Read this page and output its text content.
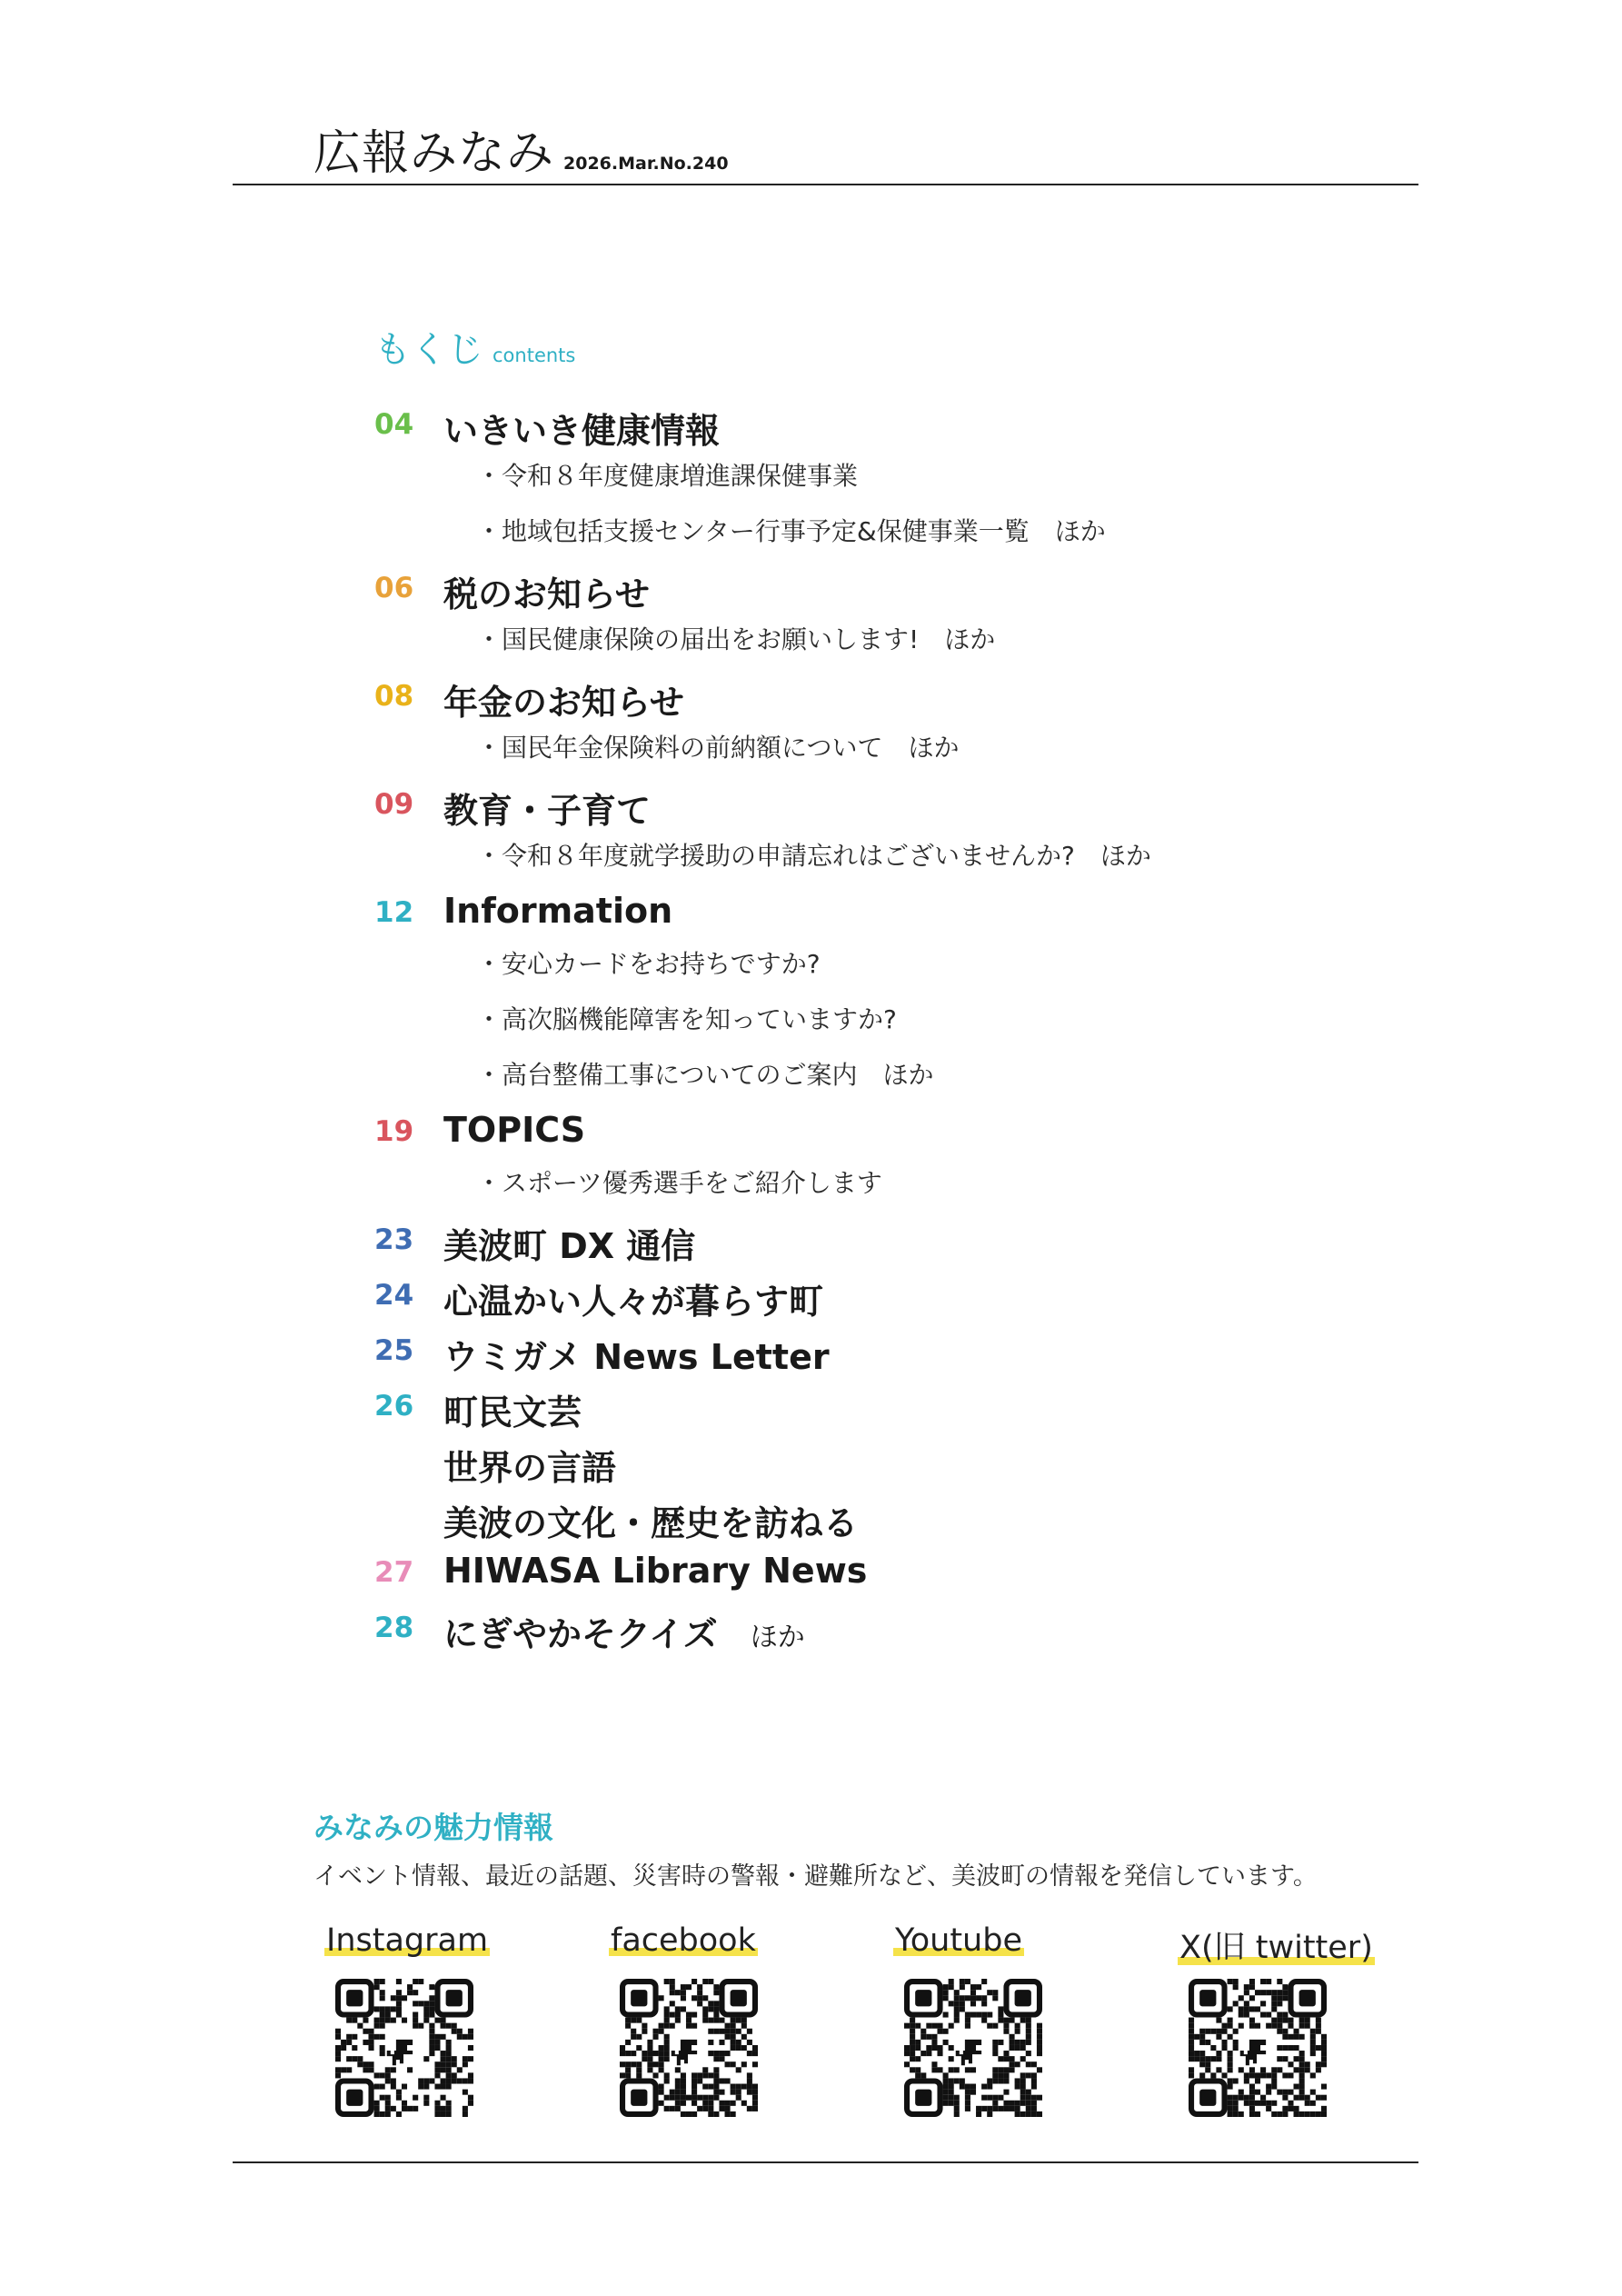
広報みなみ 2026.Mar.No.240
もくじ contents
04 いきいき健康情報
・令和８年度健康増進課保健事業
・地域包括支援センター行事予定&保健事業一覧　ほか
06 税のお知らせ
・国民健康保険の届出をお願いします!　ほか
08 年金のお知らせ
・国民年金保険料の前納額について　ほか
09 教育・子育て
・令和８年度就学援助の申請忘れはございませんか?　ほか
12 Information
・安心カードをお持ちですか?
・高次脳機能障害を知っていますか?
・高台整備工事についてのご案内　ほか
19 TOPICS
・スポーツ優秀選手をご紹介します
23 美波町 DX 通信
24 心温かい人々が暮らす町
25 ウミガメ News Letter
26 町民文芸
世界の言語
美波の文化・歴史を訪ねる
27 HIWASA Library News
28 にぎやかそクイズ ほか
みなみの魅力情報
イベント情報、最近の話題、災害時の警報・避難所など、美波町の情報を発信しています。
Instagram	facebook	Youtube	X(旧 twitter)
